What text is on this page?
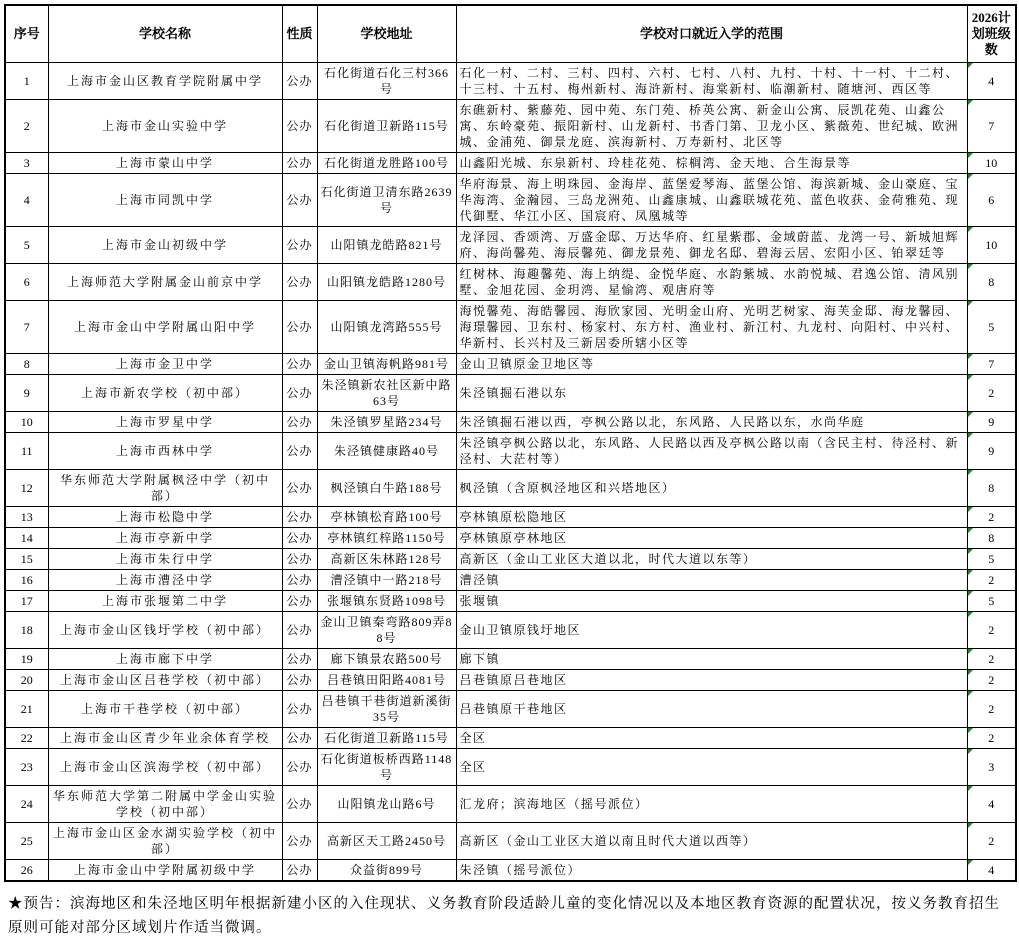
序号	学校名称	性质	学校地址	学校对口就近入学的范围	2026计划班级数
1	上海市金山区教育学院附属中学	公办	石化街道石化三村366号	石化一村、二村、三村、四村、六村、七村、八村、九村、十村、十一村、十二村、十三村、十五村、梅州新村、海浒新村、海棠新村、临潮新村、随塘河、西区等	4
2	上海市金山实验中学	公办	石化街道卫新路115号	东礁新村、紫藤苑、园中苑、东门苑、桥英公寓、新金山公寓、辰凯花苑、山鑫公寓、东岭豪苑、振阳新村、山龙新村、书香门第、卫龙小区、紫薇苑、世纪城、欧洲城、金浦苑、御景龙庭、滨海新村、万寿新村、北区等	7
3	上海市蒙山中学	公办	石化街道龙胜路100号	山鑫阳光城、东泉新村、玲桂花苑、棕榈湾、金天地、合生海景等	10
4	上海市同凯中学	公办	石化街道卫清东路2639号	华府海景、海上明珠园、金海岸、蓝堡爱琴海、蓝堡公馆、海滨新城、金山豪庭、宝华海湾、金瀚园、三岛龙洲苑、山鑫康城、山鑫联城花苑、蓝色收获、金荷雅苑、现代御墅、华江小区、国宸府、凤凰城等	6
5	上海市金山初级中学	公办	山阳镇龙皓路821号	龙泽园、香颂湾、万盛金邸、万达华府、红星紫郡、金域蔚蓝、龙湾一号、新城旭辉府、海尚馨苑、海辰馨苑、御龙景苑、御龙名邸、碧海云居、宏阳小区、铂翠廷等	10
6	上海师范大学附属金山前京中学	公办	山阳镇龙皓路1280号	红树林、海趣馨苑、海上纳缇、金悦华庭、水韵紫城、水韵悦城、君逸公馆、清风别墅、金旭花园、金玥湾、星愉湾、观唐府等	8
7	上海市金山中学附属山阳中学	公办	山阳镇龙湾路555号	海悦馨苑、海皓馨园、海欣家园、光明金山府、光明艺树家、海芙金邸、海龙馨园、海璟馨园、卫东村、杨家村、东方村、渔业村、新江村、九龙村、向阳村、中兴村、华新村、长兴村及三新居委所辖小区等	5
8	上海市金卫中学	公办	金山卫镇海帆路981号	金山卫镇原金卫地区等	7
9	上海市新农学校（初中部）	公办	朱泾镇新农社区新中路63号	朱泾镇掘石港以东	2
10	上海市罗星中学	公办	朱泾镇罗星路234号	朱泾镇掘石港以西，亭枫公路以北，东风路、人民路以东，水尚华庭	9
11	上海市西林中学	公办	朱泾镇健康路40号	朱泾镇亭枫公路以北，东风路、人民路以西及亭枫公路以南（含民主村、待泾村、新泾村、大茫村等）	9
12	华东师范大学附属枫泾中学（初中部）	公办	枫泾镇白牛路188号	枫泾镇（含原枫泾地区和兴塔地区）	8
13	上海市松隐中学	公办	亭林镇松育路100号	亭林镇原松隐地区	2
14	上海市亭新中学	公办	亭林镇红梓路1150号	亭林镇原亭林地区	8
15	上海市朱行中学	公办	高新区朱林路128号	高新区（金山工业区大道以北，时代大道以东等）	5
16	上海市漕泾中学	公办	漕泾镇中一路218号	漕泾镇	2
17	上海市张堰第二中学	公办	张堰镇东贤路1098号	张堰镇	5
18	上海市金山区钱圩学校（初中部）	公办	金山卫镇秦弯路809弄88号	金山卫镇原钱圩地区	2
19	上海市廊下中学	公办	廊下镇景农路500号	廊下镇	2
20	上海市金山区吕巷学校（初中部）	公办	吕巷镇田阳路4081号	吕巷镇原吕巷地区	2
21	上海市干巷学校（初中部）	公办	吕巷镇干巷街道新溪街35号	吕巷镇原干巷地区	2
22	上海市金山区青少年业余体育学校	公办	石化街道卫新路115号	全区	2
23	上海市金山区滨海学校（初中部）	公办	石化街道板桥西路1148号	全区	3
24	华东师范大学第二附属中学金山实验学校（初中部）	公办	山阳镇龙山路6号	汇龙府；滨海地区（摇号派位）	4
25	上海市金山区金水湖实验学校（初中部）	公办	高新区天工路2450号	高新区（金山工业区大道以南且时代大道以西等）	2
26	上海市金山中学附属初级中学	公办	众益街899号	朱泾镇（摇号派位）	4
★预告：滨海地区和朱泾地区明年根据新建小区的入住现状、义务教育阶段适龄儿童的变化情况以及本地区教育资源的配置状况，按义务教育招生原则可能对部分区域划片作适当微调。
